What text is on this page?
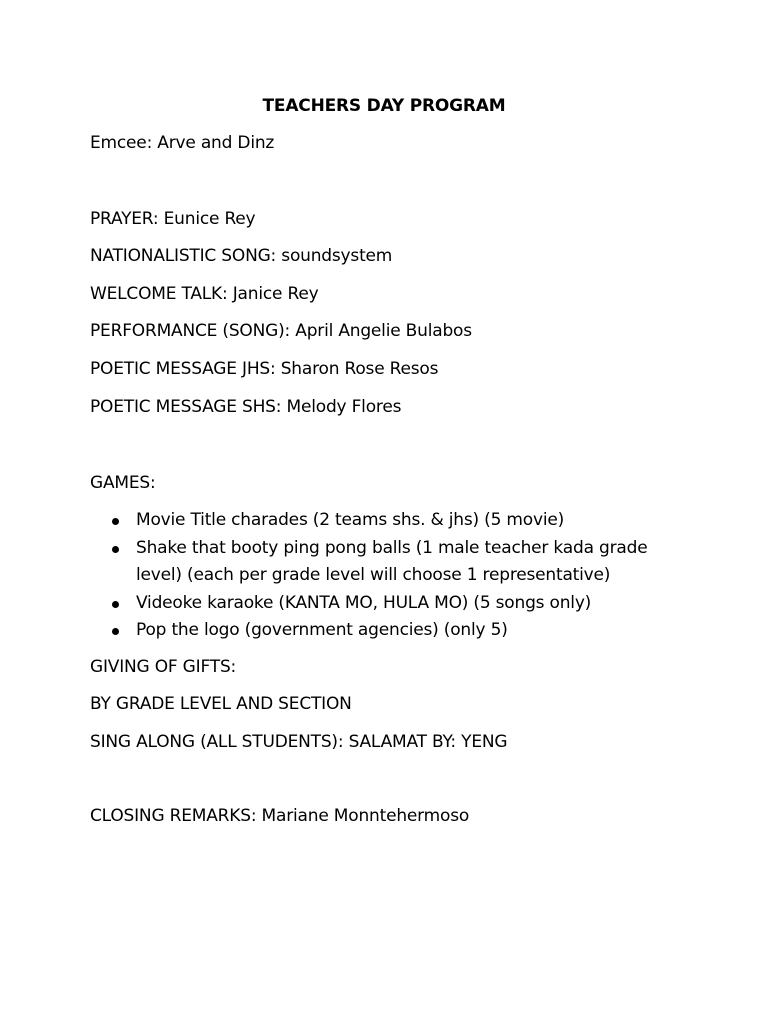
TEACHERS DAY PROGRAM
Emcee: Arve and Dinz
PRAYER: Eunice Rey
NATIONALISTIC SONG: soundsystem
WELCOME TALK: Janice Rey
PERFORMANCE (SONG): April Angelie Bulabos
POETIC MESSAGE JHS: Sharon Rose Resos
POETIC MESSAGE SHS: Melody Flores
GAMES:
Movie Title charades (2 teams shs. & jhs) (5 movie)
Shake that booty ping pong balls (1 male teacher kada grade level) (each per grade level will choose 1 representative)
Videoke karaoke (KANTA MO, HULA MO) (5 songs only)
Pop the logo (government agencies) (only 5)
GIVING OF GIFTS:
BY GRADE LEVEL AND SECTION
SING ALONG (ALL STUDENTS): SALAMAT BY: YENG
CLOSING REMARKS: Mariane Monntehermoso
